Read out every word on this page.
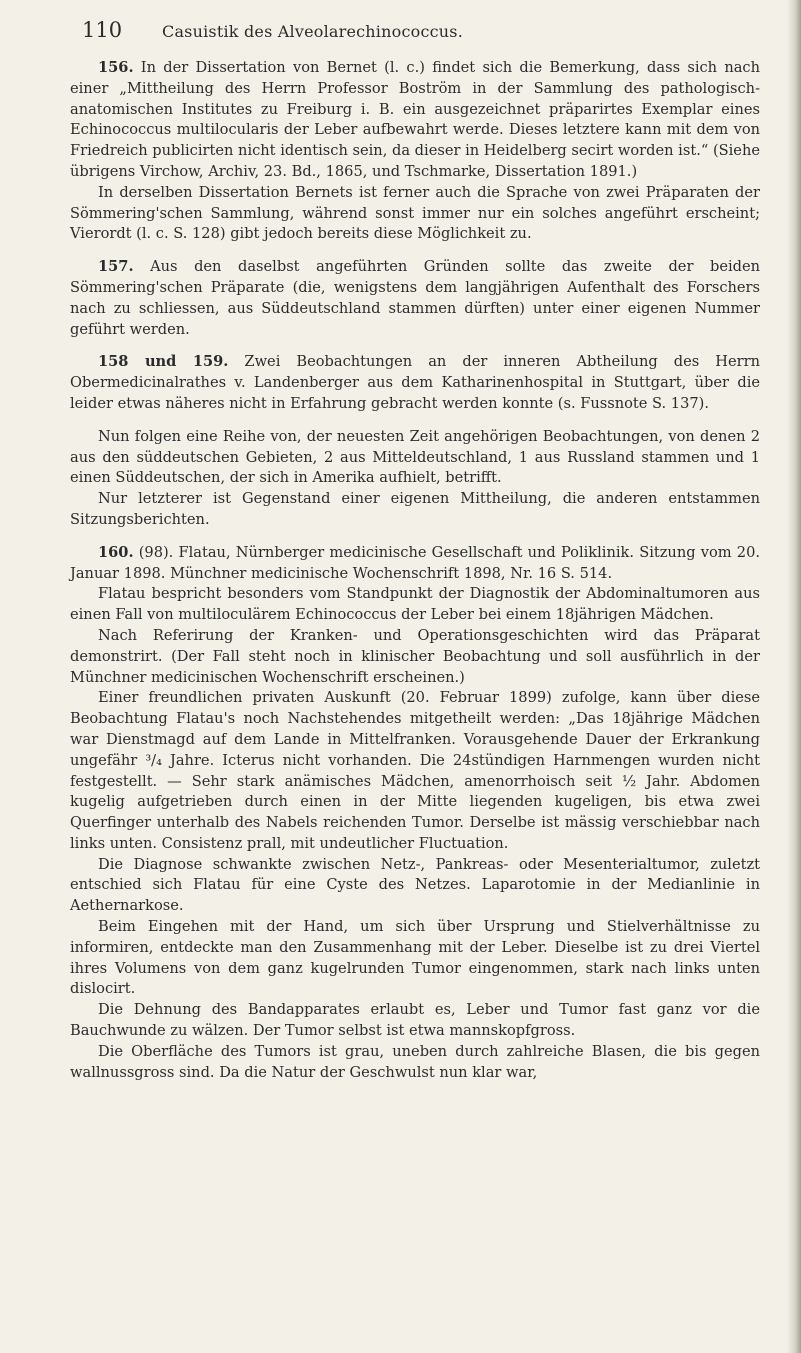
110	Casuistik des Alveolarechinococcus.

156. In der Dissertation von Bernet (l. c.) findet sich die Bemerkung, dass sich nach einer „Mittheilung des Herrn Professor Boström in der Sammlung des pathologisch-anatomischen Institutes zu Freiburg i. B. ein ausgezeichnet präparirtes Exemplar eines Echinococcus multilocularis der Leber aufbewahrt werde. Dieses letztere kann mit dem von Friedreich publicirten nicht identisch sein, da dieser in Heidelberg secirt worden ist.“ (Siehe übrigens Virchow, Archiv, 23. Bd., 1865, und Tschmarke, Dissertation 1891.)

In derselben Dissertation Bernets ist ferner auch die Sprache von zwei Präparaten der Sömmering'schen Sammlung, während sonst immer nur ein solches angeführt erscheint; Vierordt (l. c. S. 128) gibt jedoch bereits diese Möglichkeit zu.

157. Aus den daselbst angeführten Gründen sollte das zweite der beiden Sömmering'schen Präparate (die, wenigstens dem langjährigen Aufenthalt des Forschers nach zu schliessen, aus Süddeutschland stammen dürften) unter einer eigenen Nummer geführt werden.

158 und 159. Zwei Beobachtungen an der inneren Abtheilung des Herrn Obermedicinalrathes v. Landenberger aus dem Katharinenhospital in Stuttgart, über die leider etwas näheres nicht in Erfahrung gebracht werden konnte (s. Fussnote S. 137).

Nun folgen eine Reihe von, der neuesten Zeit angehörigen Beobachtungen, von denen 2 aus den süddeutschen Gebieten, 2 aus Mitteldeutschland, 1 aus Russland stammen und 1 einen Süddeutschen, der sich in Amerika aufhielt, betrifft.

Nur letzterer ist Gegenstand einer eigenen Mittheilung, die anderen entstammen Sitzungsberichten.

160. (98). Flatau, Nürnberger medicinische Gesellschaft und Poliklinik. Sitzung vom 20. Januar 1898. Münchner medicinische Wochenschrift 1898, Nr. 16 S. 514.

Flatau bespricht besonders vom Standpunkt der Diagnostik der Abdominaltumoren aus einen Fall von multiloculärem Echinococcus der Leber bei einem 18jährigen Mädchen.

Nach Referirung der Kranken- und Operationsgeschichten wird das Präparat demonstrirt. (Der Fall steht noch in klinischer Beobachtung und soll ausführlich in der Münchner medicinischen Wochenschrift erscheinen.)

Einer freundlichen privaten Auskunft (20. Februar 1899) zufolge, kann über diese Beobachtung Flatau's noch Nachstehendes mitgetheilt werden: „Das 18jährige Mädchen war Dienstmagd auf dem Lande in Mittelfranken. Vorausgehende Dauer der Erkrankung ungefähr ³/₄ Jahre. Icterus nicht vorhanden. Die 24stündigen Harnmengen wurden nicht festgestellt. — Sehr stark anämisches Mädchen, amenorrhoisch seit ½ Jahr. Abdomen kugelig aufgetrieben durch einen in der Mitte liegenden kugeligen, bis etwa zwei Querfinger unterhalb des Nabels reichenden Tumor. Derselbe ist mässig verschiebbar nach links unten. Consistenz prall, mit undeutlicher Fluctuation.

Die Diagnose schwankte zwischen Netz-, Pankreas- oder Mesenterialtumor, zuletzt entschied sich Flatau für eine Cyste des Netzes. Laparotomie in der Medianlinie in Aethernarkose.

Beim Eingehen mit der Hand, um sich über Ursprung und Stielverhältnisse zu informiren, entdeckte man den Zusammenhang mit der Leber. Dieselbe ist zu drei Viertel ihres Volumens von dem ganz kugelrunden Tumor eingenommen, stark nach links unten dislocirt.

Die Dehnung des Bandapparates erlaubt es, Leber und Tumor fast ganz vor die Bauchwunde zu wälzen. Der Tumor selbst ist etwa mannskopfgross.

Die Oberfläche des Tumors ist grau, uneben durch zahlreiche Blasen, die bis gegen wallnussgross sind. Da die Natur der Geschwulst nun klar war,
